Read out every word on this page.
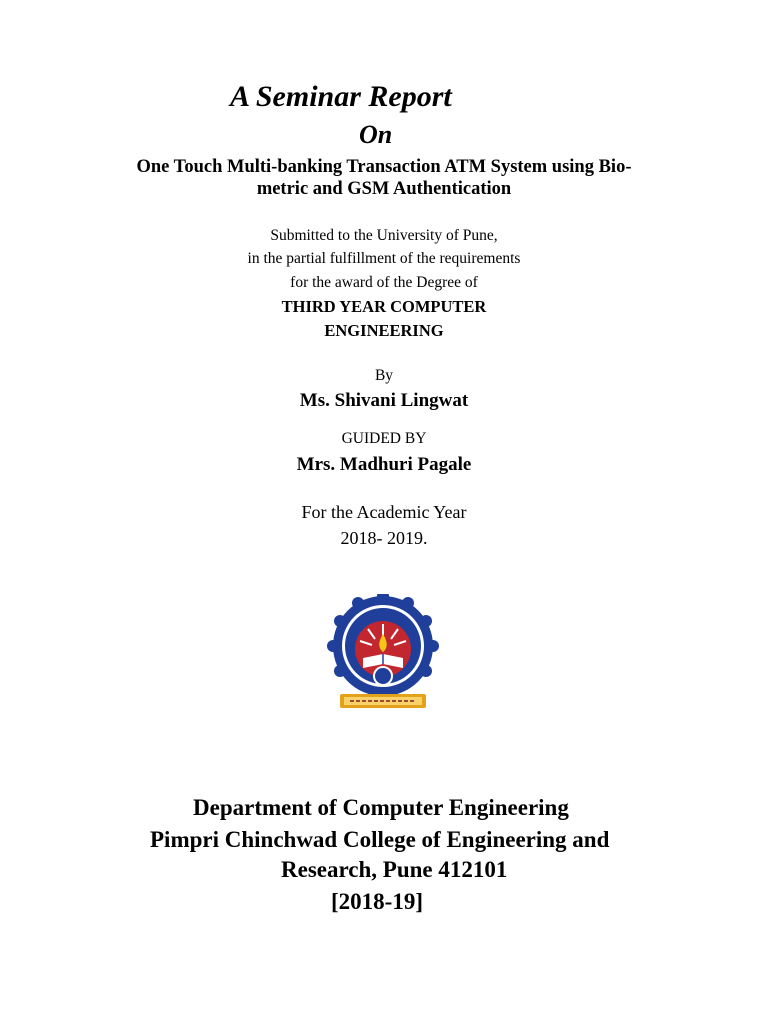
A Seminar Report
On
One Touch Multi-banking Transaction ATM System using Bio-
metric and GSM Authentication
Submitted to the University of Pune,
in the partial fulfillment of the requirements
for the award of the Degree of
THIRD YEAR COMPUTER
ENGINEERING
By
Ms. Shivani Lingwat
GUIDED BY
Mrs. Madhuri Pagale
For the Academic Year
2018- 2019.
Department of Computer Engineering
Pimpri Chinchwad College of Engineering and
Research, Pune 412101
[2018-19]
